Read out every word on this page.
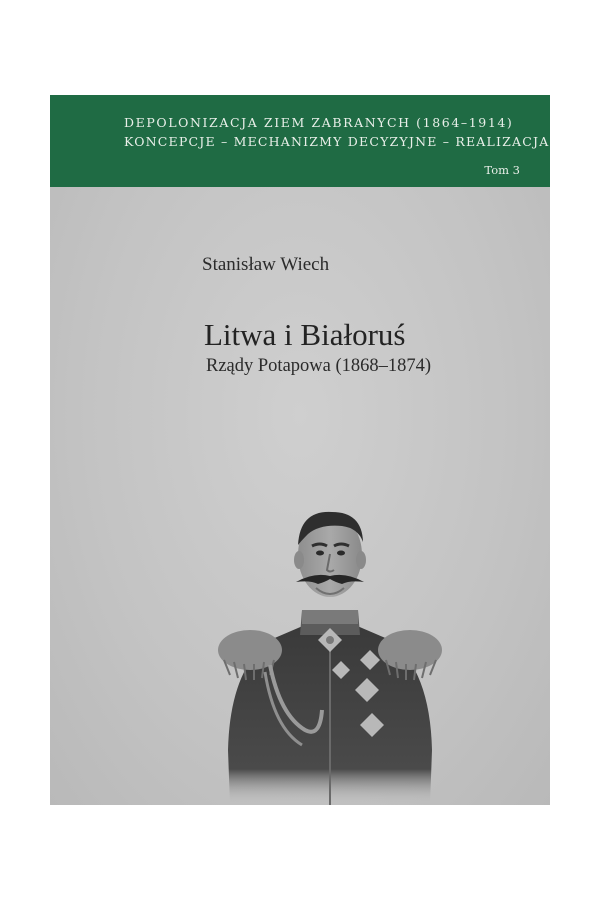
DEPOLONIZACJA ZIEM ZABRANYCH (1864–1914)
KONCEPCJE – MECHANIZMY DECYZYJNE – REALIZACJA
Tom 3
Stanisław Wiech
Litwa i Białoruś
Rządy Potapowa (1868–1874)
